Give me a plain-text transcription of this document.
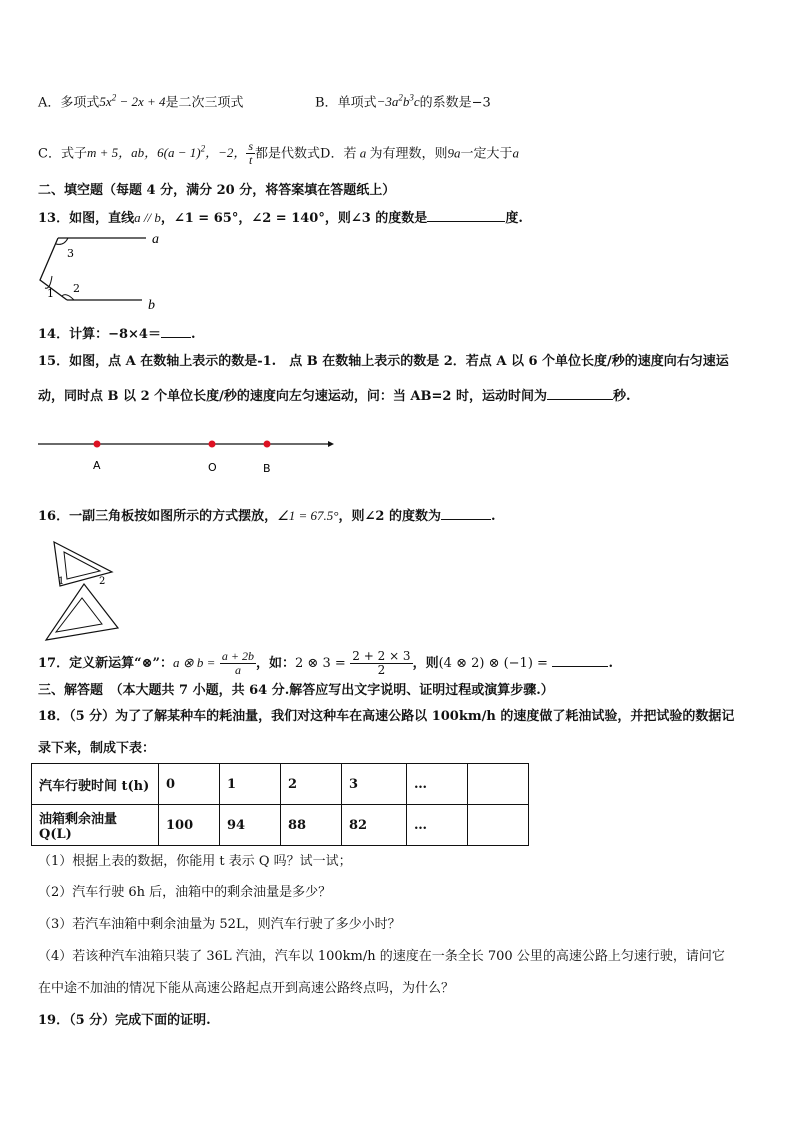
A．多项式$5x^2 - 2x + 4$是二次三项式	B．单项式$-3a^2b^3c$的系数是−3
C．式子m + 5，ab，$6(a - 1)^2$，−2， $\frac{s}{t}$ 都是代数式D．若 a 为有理数，则9a一定大于a
二、填空题（每题 4 分，满分 20 分，将答案填在答题纸上）
13．如图，直线a // b，∠1 = 65°，∠2 = 140°，则∠3 的度数是	度.
a
b
3
1 2
14．计算：−8×4＝ .
15．如图，点 A 在数轴上表示的数是-1.　点 B 在数轴上表示的数是 2．若点 A 以 6 个单位长度/秒的速度向右匀速运
动，同时点 B 以 2 个单位长度/秒的速度向左匀速运动，问：当 AB=2 时，运动时间为	秒.
A	O	B
16．一副三角板按如图所示的方式摆放，∠1 = 67.5°，则∠2 的度数为	.
1	2
17．定义新运算“⊗”：a ⊗ $b = \frac{a + 2b}{a}$ ，如：2 ⊗ $3 = \frac{2 + 2 \times 3}{2}$ ，则(4 ⊗ 2) ⊗ (−1) =	.
三、解答题　（本大题共 7 小题，共 64 分.解答应写出文字说明、证明过程或演算步骤.）
18．（5 分）为了了解某种车的耗油量，我们对这种车在高速公路以 100km/h 的速度做了耗油试验，并把试验的数据记
录下来，制成下表：
汽车行驶时间 t(h)	0	1	2	3	…	
油箱剩余油量 Q(L)	100	94	88	82	…	
（1）根据上表的数据，你能用 t 表示 Q 吗？试一试；
（2）汽车行驶 6h 后，油箱中的剩余油量是多少？
（3）若汽车油箱中剩余油量为 52L，则汽车行驶了多少小时？
（4）若该种汽车油箱只装了 36L 汽油，汽车以 100km/h 的速度在一条全长 700 公里的高速公路上匀速行驶，请问它
在中途不加油的情况下能从高速公路起点开到高速公路终点吗，为什么？
19．（5 分）完成下面的证明.
